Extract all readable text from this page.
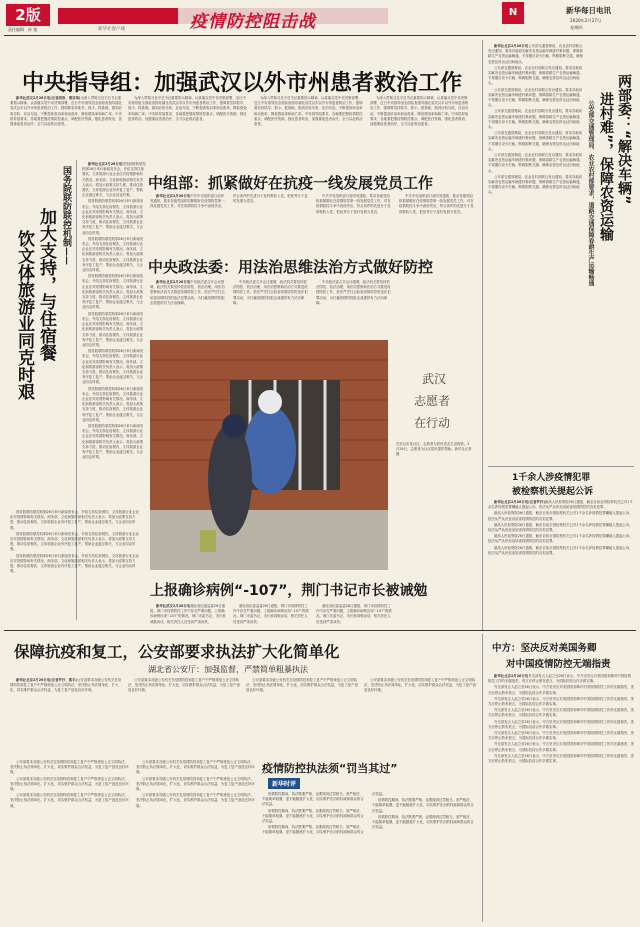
2版
责任编辑 孙 俊	疫情防控阻击战
新华社客户端
N	新华每日电讯
2020年2月27日
星期四
中央指导组：加强武汉以外市州患者救治工作

新华社武汉2月26日电(记者胡浩、傅双琪)为深入贯彻习近平总书记重要指示精神，认真落实党中央决策部署，近日中央指导组全面检查指导湖北省武汉市以外市州患者救治工作，强调要坚持抓早、抓小、抓基础，做到应收尽收、应治尽治，不断提高收治率和治愈率，降低感染率和病亡率。中央指导组要求，各地要把握疫情防控重点，调配医疗资源，强化患者救治，加强重症患者治疗，全力以赴救治患者。

为深入贯彻习近平总书记重要指示精神，认真落实党中央决策部署，近日中央指导组全面检查指导湖北省武汉市以外市州患者救治工作，强调要坚持抓早、抓小、抓基础，做到应收尽收、应治尽治，不断提高收治率和治愈率，降低感染率和病亡率。中央指导组要求，各地要把握疫情防控重点，调配医疗资源，强化患者救治，加强重症患者治疗，全力以赴救治患者。

为深入贯彻习近平总书记重要指示精神，认真落实党中央决策部署，近日中央指导组全面检查指导湖北省武汉市以外市州患者救治工作，强调要坚持抓早、抓小、抓基础，做到应收尽收、应治尽治，不断提高收治率和治愈率，降低感染率和病亡率。中央指导组要求，各地要把握疫情防控重点，调配医疗资源，强化患者救治，加强重症患者治疗，全力以赴救治患者。

为深入贯彻习近平总书记重要指示精神，认真落实党中央决策部署，近日中央指导组全面检查指导湖北省武汉市以外市州患者救治工作，强调要坚持抓早、抓小、抓基础，做到应收尽收、应治尽治，不断提高收治率和治愈率，降低感染率和病亡率。中央指导组要求，各地要把握疫情防控重点，调配医疗资源，强化患者救治，加强重症患者治疗，全力以赴救治患者。

国务院联防联控机制——
加大支持，与住宿餐
饮文体旅游业同克时艰

新华社北京2月26日电国务院联防联控机制26日举行新闻发布会，介绍支持住宿餐饮、文体旅游行业企业应对疫情影响有关情况。商务部、文化和旅游部相关负责人表示，将加大政策支持力度，推动住宿餐饮、文体旅游企业有序复工复产，帮助企业渡过难关，与企业同克时艰。

国务院联防联控机制26日举行新闻发布会，介绍支持住宿餐饮、文体旅游行业企业应对疫情影响有关情况。商务部、文化和旅游部相关负责人表示，将加大政策支持力度，推动住宿餐饮、文体旅游企业有序复工复产，帮助企业渡过难关，与企业同克时艰。

国务院联防联控机制26日举行新闻发布会，介绍支持住宿餐饮、文体旅游行业企业应对疫情影响有关情况。商务部、文化和旅游部相关负责人表示，将加大政策支持力度，推动住宿餐饮、文体旅游企业有序复工复产，帮助企业渡过难关，与企业同克时艰。

国务院联防联控机制26日举行新闻发布会，介绍支持住宿餐饮、文体旅游行业企业应对疫情影响有关情况。商务部、文化和旅游部相关负责人表示，将加大政策支持力度，推动住宿餐饮、文体旅游企业有序复工复产，帮助企业渡过难关，与企业同克时艰。

国务院联防联控机制26日举行新闻发布会，介绍支持住宿餐饮、文体旅游行业企业应对疫情影响有关情况。商务部、文化和旅游部相关负责人表示，将加大政策支持力度，推动住宿餐饮、文体旅游企业有序复工复产，帮助企业渡过难关，与企业同克时艰。

国务院联防联控机制26日举行新闻发布会，介绍支持住宿餐饮、文体旅游行业企业应对疫情影响有关情况。商务部、文化和旅游部相关负责人表示，将加大政策支持力度，推动住宿餐饮、文体旅游企业有序复工复产，帮助企业渡过难关，与企业同克时艰。

国务院联防联控机制26日举行新闻发布会，介绍支持住宿餐饮、文体旅游行业企业应对疫情影响有关情况。商务部、文化和旅游部相关负责人表示，将加大政策支持力度，推动住宿餐饮、文体旅游企业有序复工复产，帮助企业渡过难关，与企业同克时艰。

国务院联防联控机制26日举行新闻发布会，介绍支持住宿餐饮、文体旅游行业企业应对疫情影响有关情况。商务部、文化和旅游部相关负责人表示，将加大政策支持力度，推动住宿餐饮、文体旅游企业有序复工复产，帮助企业渡过难关，与企业同克时艰。

国务院联防联控机制26日举行新闻发布会，介绍支持住宿餐饮、文体旅游行业企业应对疫情影响有关情况。商务部、文化和旅游部相关负责人表示，将加大政策支持力度，推动住宿餐饮、文体旅游企业有序复工复产，帮助企业渡过难关，与企业同克时艰。

国务院联防联控机制26日举行新闻发布会，介绍支持住宿餐饮、文体旅游行业企业应对疫情影响有关情况。商务部、文化和旅游部相关负责人表示，将加大政策支持力度，推动住宿餐饮、文体旅游企业有序复工复产，帮助企业渡过难关，与企业同克时艰。

国务院联防联控机制26日举行新闻发布会，介绍支持住宿餐饮、文体旅游行业企业应对疫情影响有关情况。商务部、文化和旅游部相关负责人表示，将加大政策支持力度，推动住宿餐饮、文体旅游企业有序复工复产，帮助企业渡过难关，与企业同克时艰。

中组部：抓紧做好在抗疫一线发展党员工作

新华社北京2月26日电中共中央组织部日前印发通知，要求各级党组织抓紧做好在疫情防控第一线发展党员工作，对在疫情防控斗争中表现突出、符合条件的先进分子及时吸收入党，把优秀分子及时发展为党员。

中共中央组织部日前印发通知，要求各级党组织抓紧做好在疫情防控第一线发展党员工作，对在疫情防控斗争中表现突出、符合条件的先进分子及时吸收入党，把优秀分子及时发展为党员。

中共中央组织部日前印发通知，要求各级党组织抓紧做好在疫情防控第一线发展党员工作，对在疫情防控斗争中表现突出、符合条件的先进分子及时吸收入党，把优秀分子及时发展为党员。

中央政法委：用法治思维法治方式做好防控

新华社北京2月26日电中央政法委召开会议强调，政法机关要坚持依法防控、依法治理，用法治思维和法治方式推进疫情防控工作，依法严厉打击妨害疫情防控的违法犯罪活动，为打赢疫情防控阻击战提供有力法治保障。

中央政法委召开会议强调，政法机关要坚持依法防控、依法治理，用法治思维和法治方式推进疫情防控工作，依法严厉打击妨害疫情防控的违法犯罪活动，为打赢疫情防控阻击战提供有力法治保障。

中央政法委召开会议强调，政法机关要坚持依法防控、依法治理，用法治思维和法治方式推进疫情防控工作，依法严厉打击妨害疫情防控的违法犯罪活动，为打赢疫情防控阻击战提供有力法治保障。

武汉
志愿者
在行动
在武汉市某社区，志愿者为居民送去生活物资。2月26日，志愿者为社区居民提供帮助。新华社记者摄
上报确诊病例“-107”，荆门书记市长被诫勉

新华社武汉2月26日电湖北省纪委监委26日通报，荆门市疫情防控工作中存在严重问题，上报确诊病例出现“-107”的情况。荆门市委书记、市长被诫勉谈话，相关责任人员受到严肃问责。

湖北省纪委监委26日通报，荆门市疫情防控工作中存在严重问题，上报确诊病例出现“-107”的情况。荆门市委书记、市长被诫勉谈话，相关责任人员受到严肃问责。

湖北省纪委监委26日通报，荆门市疫情防控工作中存在严重问题，上报确诊病例出现“-107”的情况。荆门市委书记、市长被诫勉谈话，相关责任人员受到严肃问责。

新华社北京2月26日电公安部交通管理局、农业农村部联合发出通知，要求各地切实解决农资运输车辆进村难问题，保障春耕生产农资运输畅通，不得擅自设卡拦截、断路阻断交通，确保农资及时运达田间地头。

公安部交通管理局、农业农村部联合发出通知，要求各地切实解决农资运输车辆进村难问题，保障春耕生产农资运输畅通，不得擅自设卡拦截、断路阻断交通，确保农资及时运达田间地头。

公安部交通管理局、农业农村部联合发出通知，要求各地切实解决农资运输车辆进村难问题，保障春耕生产农资运输畅通，不得擅自设卡拦截、断路阻断交通，确保农资及时运达田间地头。

公安部交通管理局、农业农村部联合发出通知，要求各地切实解决农资运输车辆进村难问题，保障春耕生产农资运输畅通，不得擅自设卡拦截、断路阻断交通，确保农资及时运达田间地头。

公安部交通管理局、农业农村部联合发出通知，要求各地切实解决农资运输车辆进村难问题，保障春耕生产农资运输畅通，不得擅自设卡拦截、断路阻断交通，确保农资及时运达田间地头。

公安部交通管理局、农业农村部联合发出通知，要求各地切实解决农资运输车辆进村难问题，保障春耕生产农资运输畅通，不得擅自设卡拦截、断路阻断交通，确保农资及时运达田间地头。

公安部交通管理局、农业农村部联合发出通知，要求各地切实解决农资运输车辆进村难问题，保障春耕生产农资运输畅通，不得擅自设卡拦截、断路阻断交通，确保农资及时运达田间地头。	两部委：“解决车辆”
进村难”，保障农资运输
公安部交通管理局、农业农村部要求，道路交通保障春耕生产运输畅通
1千余人涉疫情犯罪
被检察机关提起公诉

新华社北京2月26日电(记者罗沙)最高人民检察院26日通报，截至目前全国检察机关已对1千余名涉疫情犯罪嫌疑人提起公诉，依法从严从快惩治妨害疫情防控的各类犯罪。

最高人民检察院26日通报，截至目前全国检察机关已对1千余名涉疫情犯罪嫌疑人提起公诉，依法从严从快惩治妨害疫情防控的各类犯罪。

最高人民检察院26日通报，截至目前全国检察机关已对1千余名涉疫情犯罪嫌疑人提起公诉，依法从严从快惩治妨害疫情防控的各类犯罪。

最高人民检察院26日通报，截至目前全国检察机关已对1千余名涉疫情犯罪嫌疑人提起公诉，依法从严从快惩治妨害疫情防控的各类犯罪。

最高人民检察院26日通报，截至目前全国检察机关已对1千余名涉疫情犯罪嫌疑人提起公诉，依法从严从快惩治妨害疫情防控的各类犯罪。

保障抗疫和复工，公安部要求执法扩大化简单化
湖北省公安厅：加强监督，严禁简单粗暴执法

新华社北京2月26日电(记者罗沙、熊丰)公安部要求各级公安机关在疫情防控和复工复产中严格规范公正文明执法，坚决防止执法简单化、扩大化，切实维护群众合法权益，为复工复产创造良好环境。

公安部要求各级公安机关在疫情防控和复工复产中严格规范公正文明执法，坚决防止执法简单化、扩大化，切实维护群众合法权益，为复工复产创造良好环境。

公安部要求各级公安机关在疫情防控和复工复产中严格规范公正文明执法，坚决防止执法简单化、扩大化，切实维护群众合法权益，为复工复产创造良好环境。

公安部要求各级公安机关在疫情防控和复工复产中严格规范公正文明执法，坚决防止执法简单化、扩大化，切实维护群众合法权益，为复工复产创造良好环境。

疫情防控执法须“罚当其过”
新华时评

疫情防控期间，执法既要严格，也要做到过罚相当、宽严相济，不能简单粗暴，更不能随意扩大化，切实维护法治的权威和群众的合法权益。

疫情防控期间，执法既要严格，也要做到过罚相当、宽严相济，不能简单粗暴，更不能随意扩大化，切实维护法治的权威和群众的合法权益。

疫情防控期间，执法既要严格，也要做到过罚相当、宽严相济，不能简单粗暴，更不能随意扩大化，切实维护法治的权威和群众的合法权益。

疫情防控期间，执法既要严格，也要做到过罚相当、宽严相济，不能简单粗暴，更不能随意扩大化，切实维护法治的权威和群众的合法权益。

疫情防控期间，执法既要严格，也要做到过罚相当、宽严相济，不能简单粗暴，更不能随意扩大化，切实维护法治的权威和群众的合法权益。

公安部要求各级公安机关在疫情防控和复工复产中严格规范公正文明执法，坚决防止执法简单化、扩大化，切实维护群众合法权益，为复工复产创造良好环境。

公安部要求各级公安机关在疫情防控和复工复产中严格规范公正文明执法，坚决防止执法简单化、扩大化，切实维护群众合法权益，为复工复产创造良好环境。

公安部要求各级公安机关在疫情防控和复工复产中严格规范公正文明执法，坚决防止执法简单化、扩大化，切实维护群众合法权益，为复工复产创造良好环境。

公安部要求各级公安机关在疫情防控和复工复产中严格规范公正文明执法，坚决防止执法简单化、扩大化，切实维护群众合法权益，为复工复产创造良好环境。

公安部要求各级公安机关在疫情防控和复工复产中严格规范公正文明执法，坚决防止执法简单化、扩大化，切实维护群众合法权益，为复工复产创造良好环境。

公安部要求各级公安机关在疫情防控和复工复产中严格规范公正文明执法，坚决防止执法简单化、扩大化，切实维护群众合法权益，为复工复产创造良好环境。

中方：坚决反对美国务卿
对中国疫情防控无端指责

新华社北京2月26日电外交部发言人赵立坚26日表示，中方坚决反对美国国务卿对中国疫情防控工作的无端指责，美方应停止散布谎言，为国际抗疫合作多做实事。

外交部发言人赵立坚26日表示，中方坚决反对美国国务卿对中国疫情防控工作的无端指责，美方应停止散布谎言，为国际抗疫合作多做实事。

外交部发言人赵立坚26日表示，中方坚决反对美国国务卿对中国疫情防控工作的无端指责，美方应停止散布谎言，为国际抗疫合作多做实事。

外交部发言人赵立坚26日表示，中方坚决反对美国国务卿对中国疫情防控工作的无端指责，美方应停止散布谎言，为国际抗疫合作多做实事。

外交部发言人赵立坚26日表示，中方坚决反对美国国务卿对中国疫情防控工作的无端指责，美方应停止散布谎言，为国际抗疫合作多做实事。

外交部发言人赵立坚26日表示，中方坚决反对美国国务卿对中国疫情防控工作的无端指责，美方应停止散布谎言，为国际抗疫合作多做实事。

外交部发言人赵立坚26日表示，中方坚决反对美国国务卿对中国疫情防控工作的无端指责，美方应停止散布谎言，为国际抗疫合作多做实事。

外交部发言人赵立坚26日表示，中方坚决反对美国国务卿对中国疫情防控工作的无端指责，美方应停止散布谎言，为国际抗疫合作多做实事。
